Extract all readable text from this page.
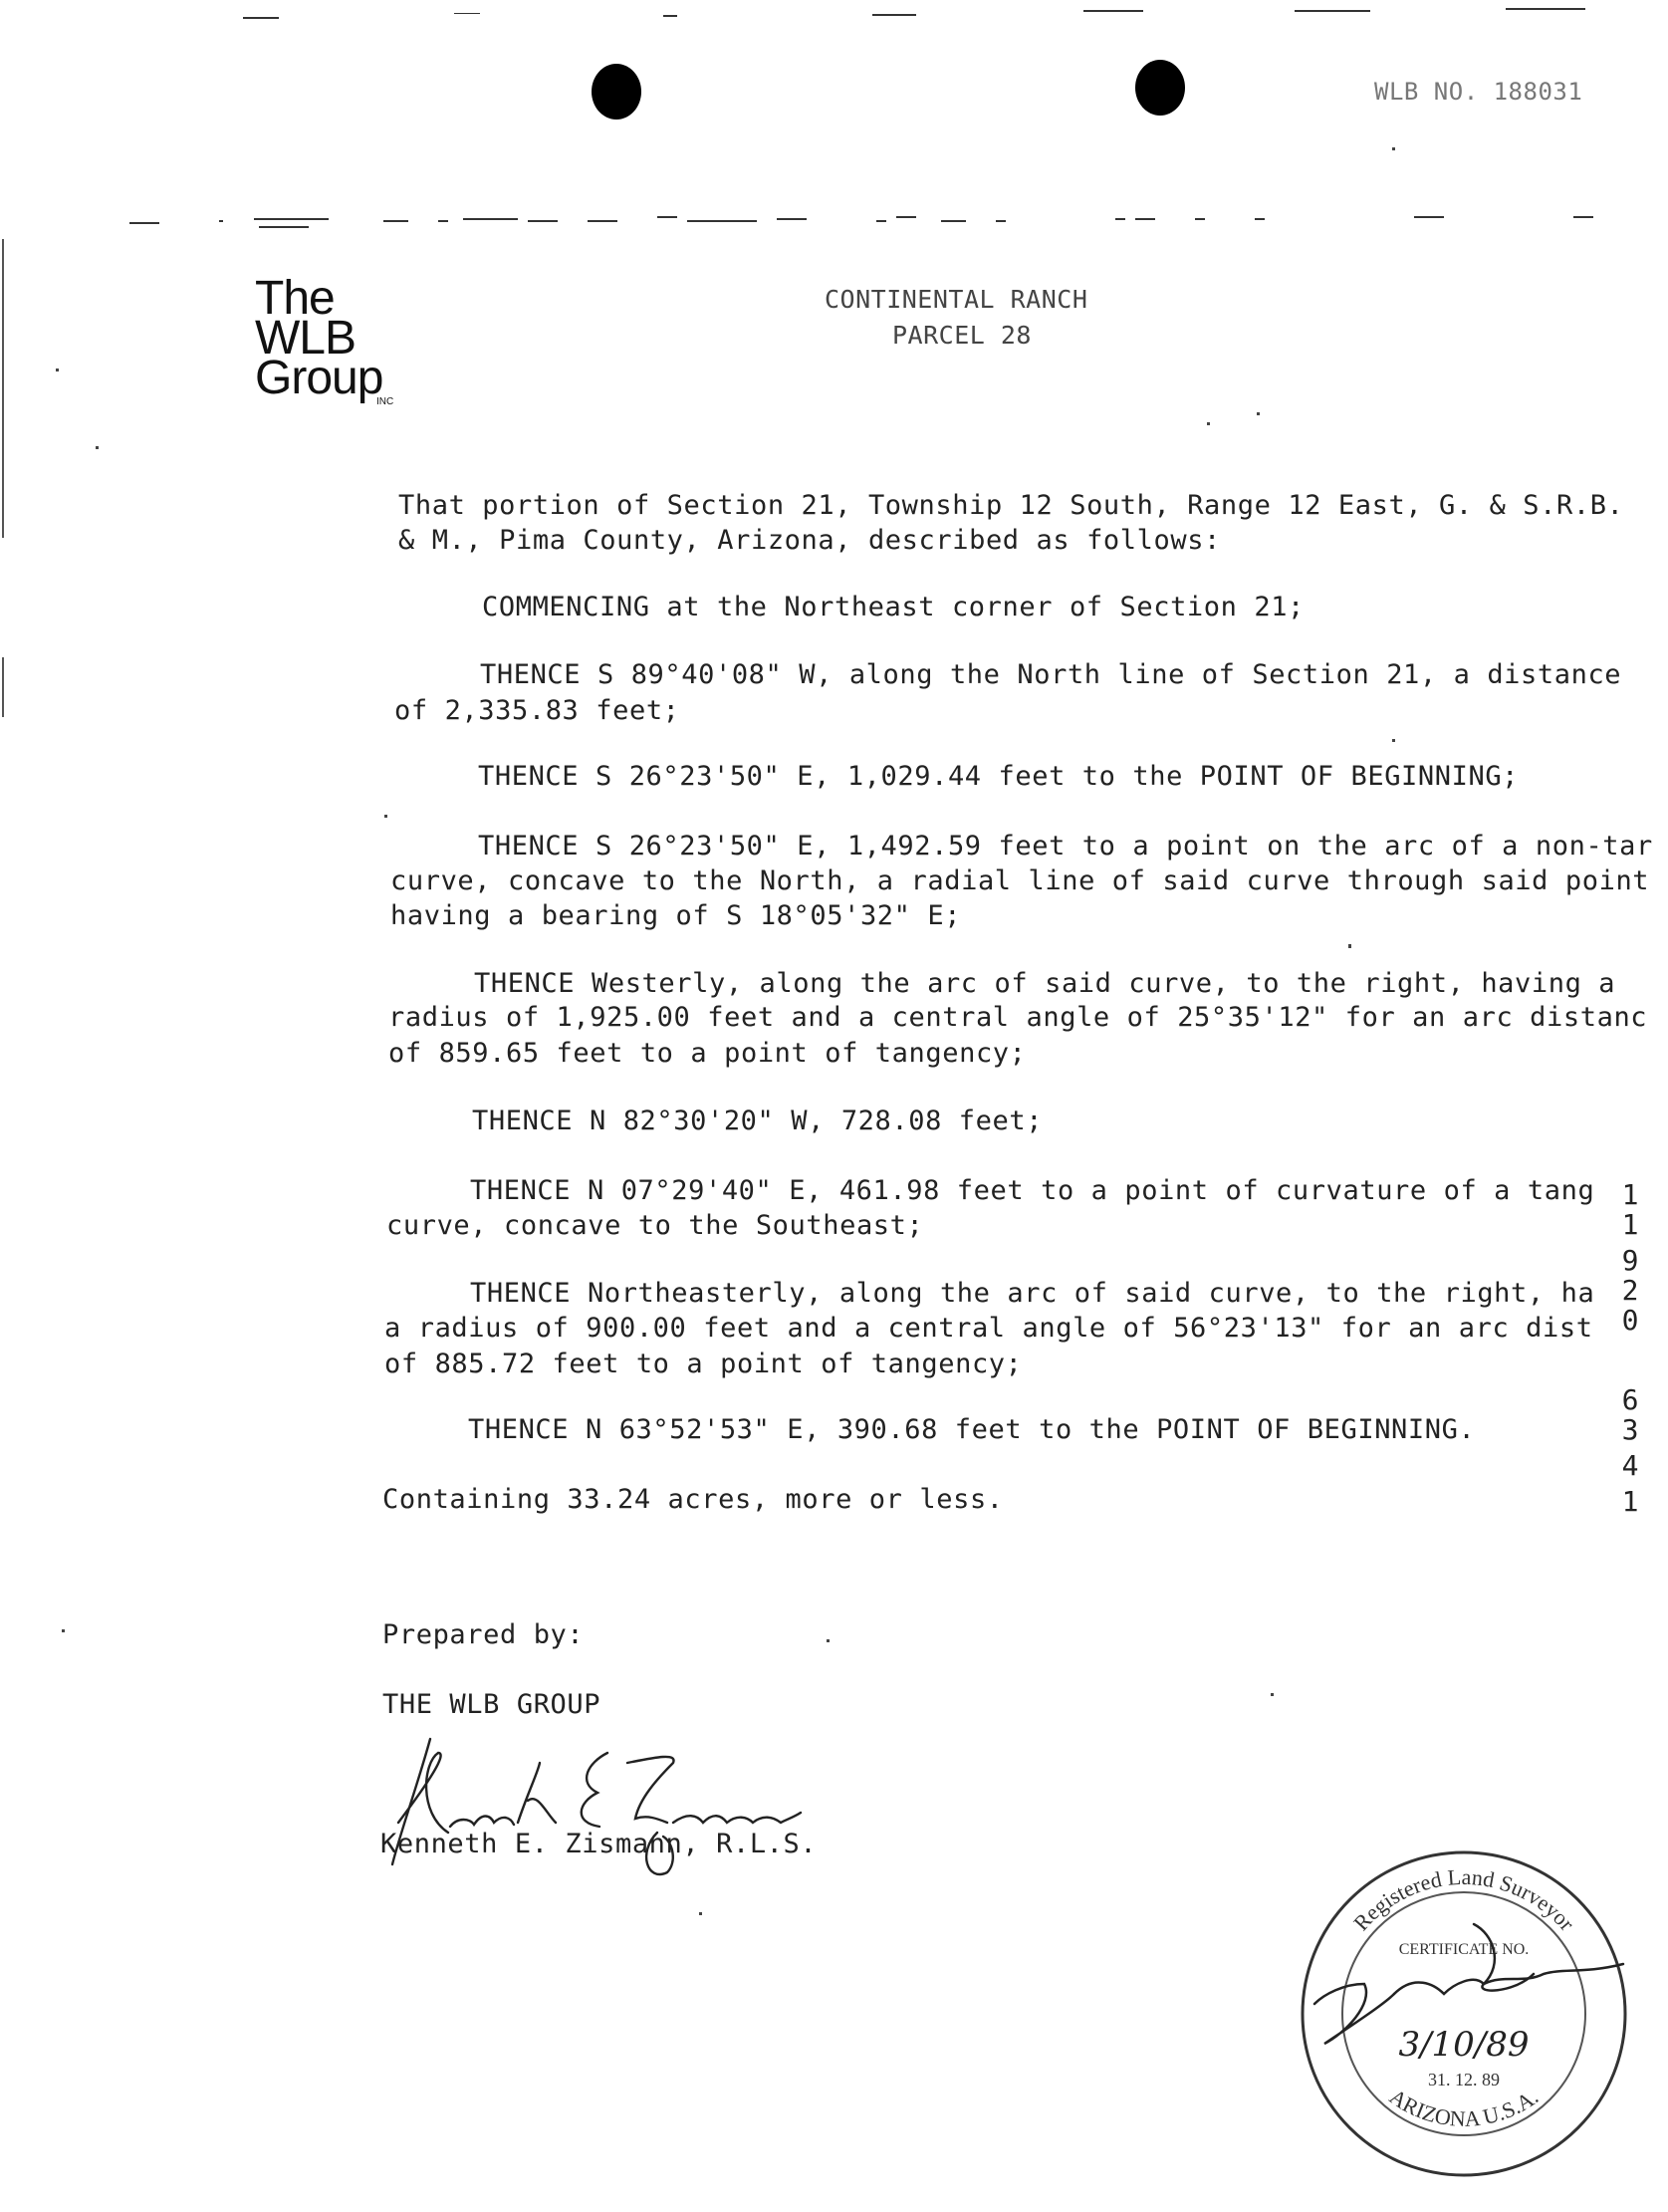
WLB NO. 188031
The
WLB
Group
INC
CONTINENTAL RANCH
PARCEL 28
That portion of Section 21, Township 12 South, Range 12 East, G. & S.R.B.
& M., Pima County, Arizona, described as follows:
COMMENCING at the Northeast corner of Section 21;
THENCE S 89°40'08" W, along the North line of Section 21, a distance
of 2,335.83 feet;
THENCE S 26°23'50" E, 1,029.44 feet to the POINT OF BEGINNING;
THENCE S 26°23'50" E, 1,492.59 feet to a point on the arc of a non-tar
curve, concave to the North, a radial line of said curve through said point
having a bearing of S 18°05'32" E;
THENCE Westerly, along the arc of said curve, to the right, having a
radius of 1,925.00 feet and a central angle of 25°35'12" for an arc distanc
of 859.65 feet to a point of tangency;
THENCE N 82°30'20" W, 728.08 feet;
THENCE N 07°29'40" E, 461.98 feet to a point of curvature of a tang
curve, concave to the Southeast;
THENCE Northeasterly, along the arc of said curve, to the right, ha
a radius of 900.00 feet and a central angle of 56°23'13" for an arc dist
of 885.72 feet to a point of tangency;
THENCE N 63°52'53" E, 390.68 feet to the POINT OF BEGINNING.
Containing 33.24 acres, more or less.
1
1
9
2
0
6
3
4
1
Prepared by:
THE WLB GROUP
Kenneth E. Zismann, R.L.S.
Registered Land Surveyor
ARIZONA U.S.A.
CERTIFICATE NO.
31. 12. 89
3/10/89
